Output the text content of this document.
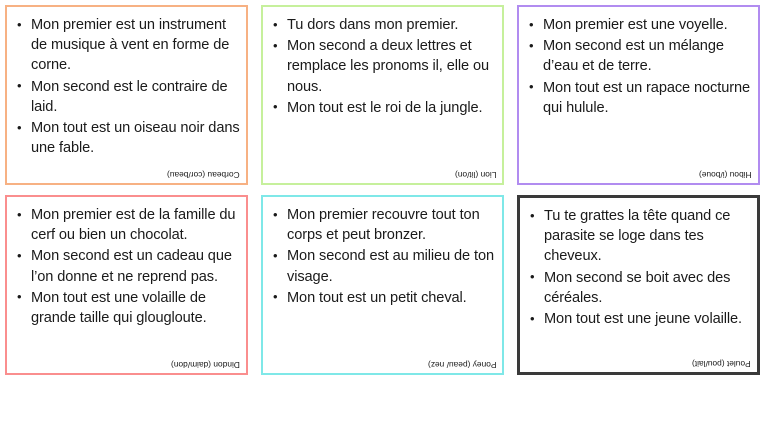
• Mon premier est un instrument de musique à vent en forme de corne.
• Mon second est le contraire de laid.
• Mon tout est un oiseau noir dans une fable.
Corbeau (cor/beau)
• Tu dors dans mon premier.
• Mon second a deux lettres et remplace les pronoms il, elle ou nous.
• Mon tout est le roi de la jungle.
Lion (lit/on)
• Mon premier est une voyelle.
• Mon second est un mélange d’eau et de terre.
• Mon tout est un rapace nocturne qui hulule.
Hibou (i/boue)
• Mon premier est de la famille du cerf ou bien un chocolat.
• Mon second est un cadeau que l’on donne et ne reprend pas.
• Mon tout est une volaille de grande taille qui glougloute.
Dindon (daim/don)
• Mon premier recouvre tout ton corps et peut bronzer.
• Mon second est au milieu de ton visage.
• Mon tout est un petit cheval.
Poney (peau/ nez)
• Tu te grattes la tête quand ce parasite se loge dans tes cheveux.
• Mon second se boit avec des céréales.
• Mon tout est une jeune volaille.
Poulet (pou/lait)
